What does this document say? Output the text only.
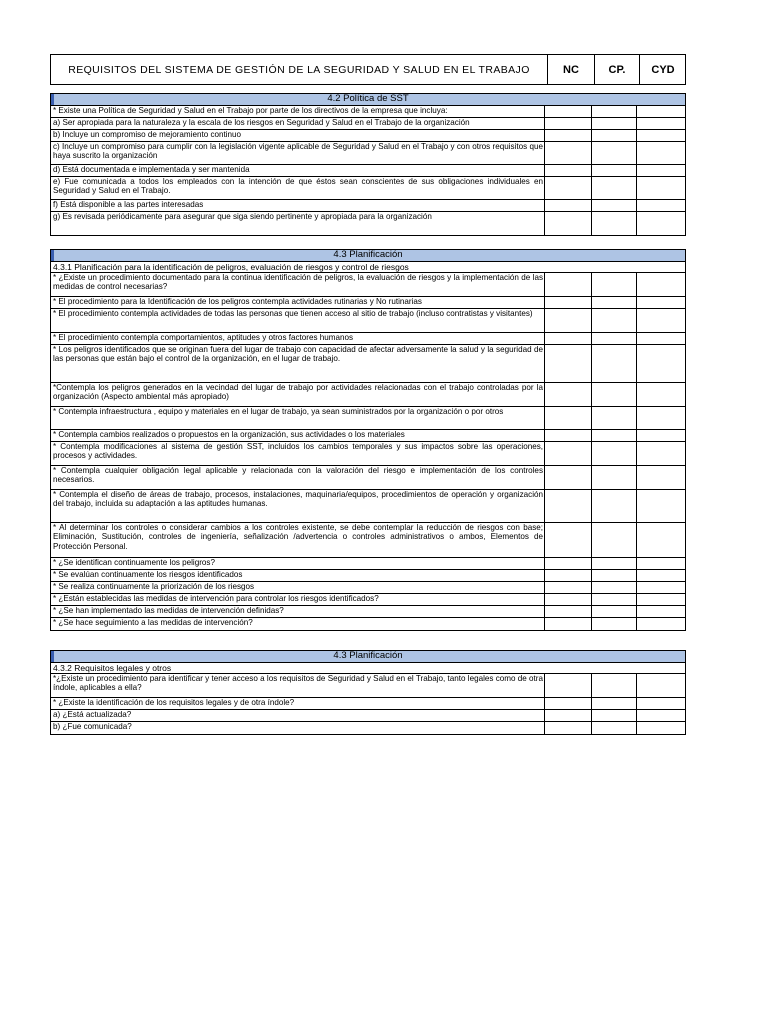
REQUISITOS DEL SISTEMA DE GESTIÓN DE LA SEGURIDAD Y SALUD EN EL TRABAJO	NC	CP.	CYD
4.2 Política de SST
* Existe una Política de Seguridad y Salud en el Trabajo por parte de los directivos de la empresa que incluya:
a) Ser apropiada para la naturaleza y la escala de los riesgos en Seguridad y Salud en el Trabajo de la organización
b) Incluye un compromiso de mejoramiento continuo
c) Incluye un compromiso para cumplir con la legislación vigente aplicable de Seguridad y Salud en el Trabajo y con otros requisitos que haya suscrito la organización
d) Está documentada e implementada y ser mantenida
e) Fue comunicada a todos los empleados con la intención de que éstos sean conscientes de sus obligaciones individuales en Seguridad y Salud en el Trabajo.
f) Está disponible a las partes interesadas
g) Es revisada periódicamente para asegurar que siga siendo pertinente y apropiada para la organización
4.3 Planificación
4.3.1 Planificación para la identificación de peligros, evaluación de riesgos y control de riesgos
* ¿Existe un procedimiento documentado para la continua identificación de peligros, la evaluación de riesgos y la implementación de las medidas de control necesarias?
* El procedimiento para la Identificación de los peligros contempla actividades rutinarias y No rutinarias
* El procedimiento contempla actividades de todas las personas que tienen acceso al sitio de trabajo (incluso contratistas y visitantes)
* El procedimiento contempla comportamientos, aptitudes y otros factores humanos
* Los peligros identificados que se originan fuera del lugar de trabajo con capacidad de afectar adversamente la salud y la seguridad de las personas que están bajo el control de la organización, en el lugar de trabajo.
*Contempla los peligros generados en la vecindad del lugar de trabajo por actividades relacionadas con el trabajo controladas por la organización (Aspecto ambiental más apropiado)
* Contempla infraestructura , equipo y materiales en el lugar de trabajo, ya sean suministrados por la organización o por otros
* Contempla cambios realizados o propuestos en la organización, sus actividades o los materiales
* Contempla modificaciones al sistema de gestión SST, incluidos los cambios temporales y sus impactos sobre las operaciones, procesos y actividades.
* Contempla cualquier obligación legal aplicable y relacionada con la valoración del riesgo e implementación de los controles necesarios.
* Contempla el diseño de áreas de trabajo, procesos, instalaciones, maquinaria/equipos, procedimientos de operación y organización del trabajo, incluida su adaptación a las aptitudes humanas.
* Al determinar los controles o considerar cambios a los controles existente, se debe contemplar la reducción de riesgos con base; Eliminación, Sustitución, controles de ingeniería, señalización /advertencia o controles administrativos o ambos, Elementos de Protección Personal.
* ¿Se identifican continuamente los peligros?
* Se evalúan continuamente los riesgos identificados
* Se realiza continuamente la priorización de los riesgos
* ¿Están establecidas las medidas de intervención para controlar los riesgos identificados?
* ¿Se han implementado las medidas de intervención definidas?
* ¿Se hace seguimiento a las medidas de intervención?
4.3 Planificación
4.3.2 Requisitos legales y otros
*¿Existe un procedimiento para identificar y tener acceso a los requisitos de Seguridad y Salud en el Trabajo, tanto legales como de otra índole, aplicables a ella?
* ¿Existe la identificación de los requisitos legales y de otra índole?
a) ¿Está actualizada?
b) ¿Fue comunicada?
